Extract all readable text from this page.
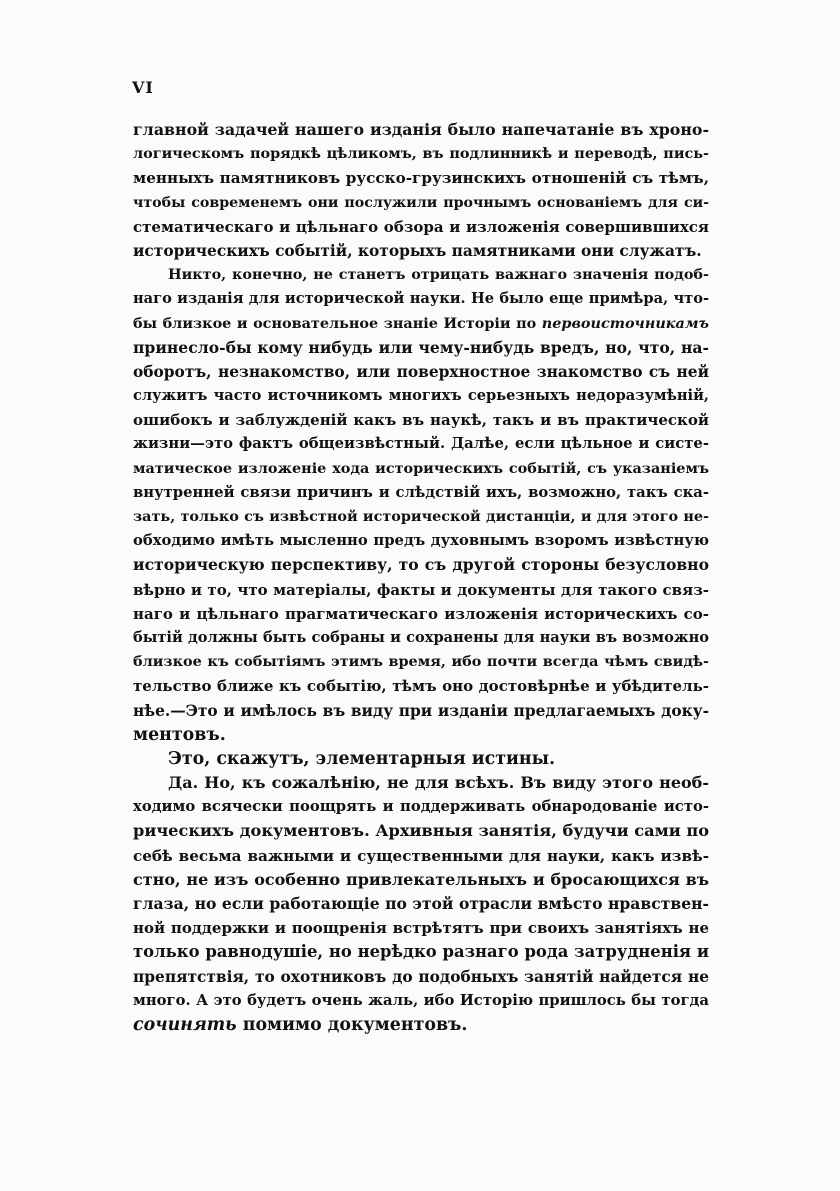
VI
главной задачей нашего изданія было напечатаніе въ хроно-
логическомъ порядкѣ цѣликомъ, въ подлинникѣ и переводѣ, пись-
менныхъ памятниковъ русско-грузинскихъ отношеній съ тѣмъ,
чтобы современемъ они послужили прочнымъ основаніемъ для си-
стематическаго и цѣльнаго обзора и изложенія совершившихся
историческихъ событій, которыхъ памятниками они служатъ.
Никто, конечно, не станетъ отрицать важнаго значенія подоб-
наго изданія для исторической науки. Не было еще примѣра, что-
бы близкое и основательное знаніе Исторіи по первоисточникамъ
принесло-бы кому нибудь или чему-нибудь вредъ, но, что, на-
оборотъ, незнакомство, или поверхностное знакомство съ ней
служитъ часто источникомъ многихъ серьезныхъ недоразумѣній,
ошибокъ и заблужденій какъ въ наукѣ, такъ и въ практической
жизни—это фактъ общеизвѣстный. Далѣе, если цѣльное и систе-
матическое изложеніе хода историческихъ событій, съ указаніемъ
внутренней связи причинъ и слѣдствій ихъ, возможно, такъ ска-
зать, только съ извѣстной исторической дистанціи, и для этого не-
обходимо имѣть мысленно предъ духовнымъ взоромъ извѣстную
историческую перспективу, то съ другой стороны безусловно
вѣрно и то, что матеріалы, факты и документы для такого связ-
наго и цѣльнаго прагматическаго изложенія историческихъ со-
бытій должны быть собраны и сохранены для науки въ возможно
близкое къ событіямъ этимъ время, ибо почти всегда чѣмъ свидѣ-
тельство ближе къ событію, тѣмъ оно достовѣрнѣе и убѣдитель-
нѣе.—Это и имѣлось въ виду при изданіи предлагаемыхъ доку-
ментовъ.
Это, скажутъ, элементарныя истины.
Да. Но, къ сожалѣнію, не для всѣхъ. Въ виду этого необ-
ходимо всячески поощрять и поддерживать обнародованіе исто-
рическихъ документовъ. Архивныя занятія, будучи сами по
себѣ весьма важными и существенными для науки, какъ извѣ-
стно, не изъ особенно привлекательныхъ и бросающихся въ
глаза, но если работающіе по этой отрасли вмѣсто нравствен-
ной поддержки и поощренія встрѣтятъ при своихъ занятіяхъ не
только равнодушіе, но нерѣдко разнаго рода затрудненія и
препятствія, то охотниковъ до подобныхъ занятій найдется не
много. А это будетъ очень жаль, ибо Исторію пришлось бы тогда
сочинять помимо документовъ.
